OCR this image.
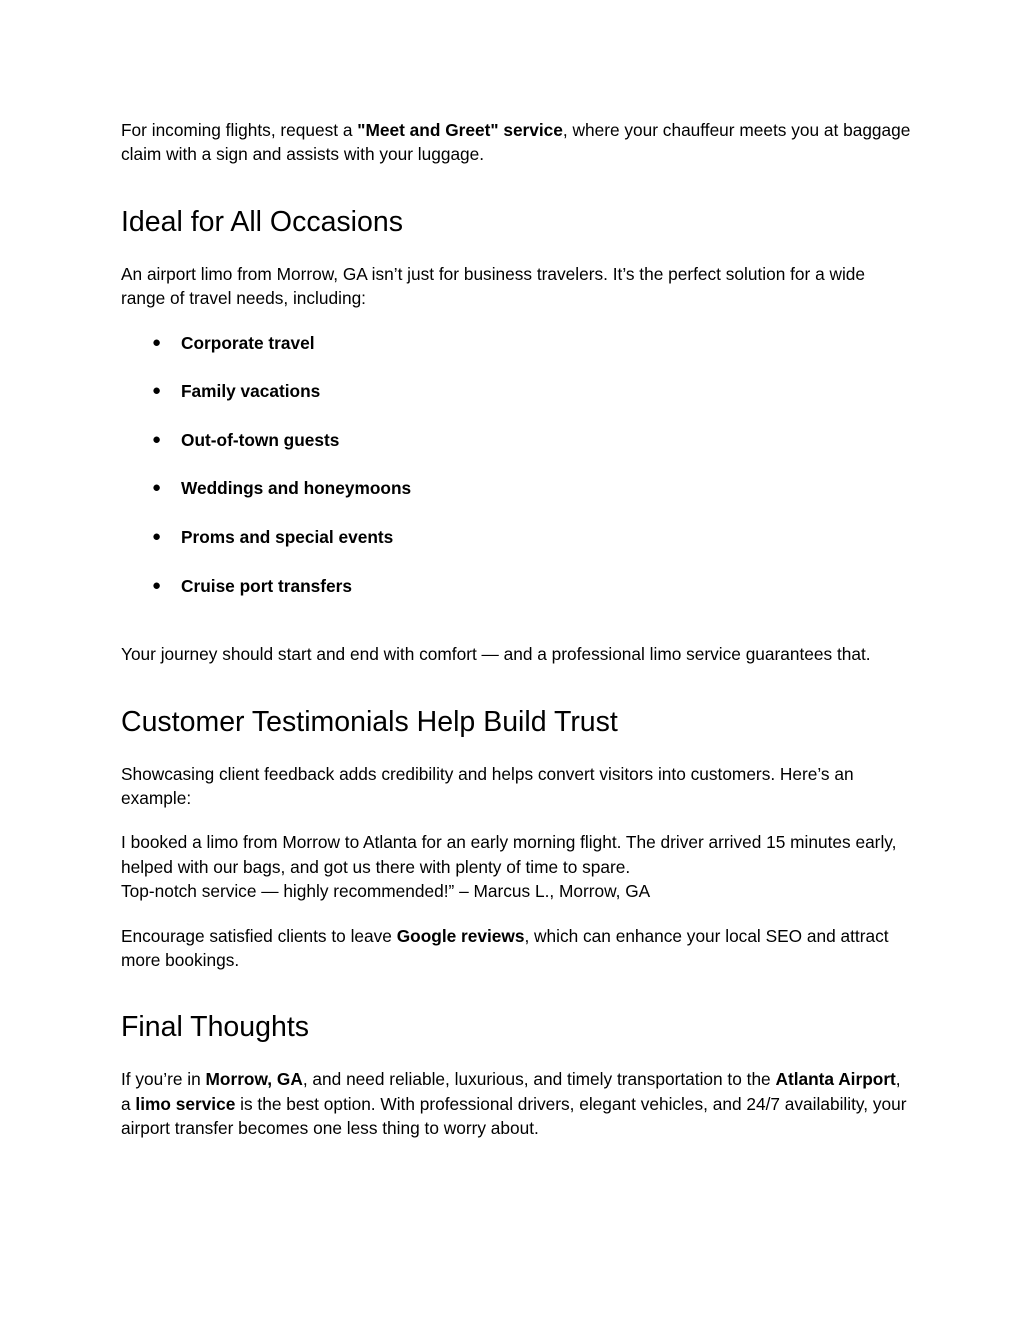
For incoming flights, request a "Meet and Greet" service, where your chauffeur meets you at baggage claim with a sign and assists with your luggage.

Ideal for All Occasions

An airport limo from Morrow, GA isn’t just for business travelers. It’s the perfect solution for a wide range of travel needs, including:

● Corporate travel
● Family vacations
● Out-of-town guests
● Weddings and honeymoons
● Proms and special events
● Cruise port transfers

Your journey should start and end with comfort — and a professional limo service guarantees that.

Customer Testimonials Help Build Trust

Showcasing client feedback adds credibility and helps convert visitors into customers. Here’s an example:

I booked a limo from Morrow to Atlanta for an early morning flight. The driver arrived 15 minutes early, helped with our bags, and got us there with plenty of time to spare.
Top-notch service — highly recommended!” – Marcus L., Morrow, GA

Encourage satisfied clients to leave Google reviews, which can enhance your local SEO and attract more bookings.

Final Thoughts

If you’re in Morrow, GA, and need reliable, luxurious, and timely transportation to the Atlanta Airport, a limo service is the best option. With professional drivers, elegant vehicles, and 24/7 availability, your airport transfer becomes one less thing to worry about.
